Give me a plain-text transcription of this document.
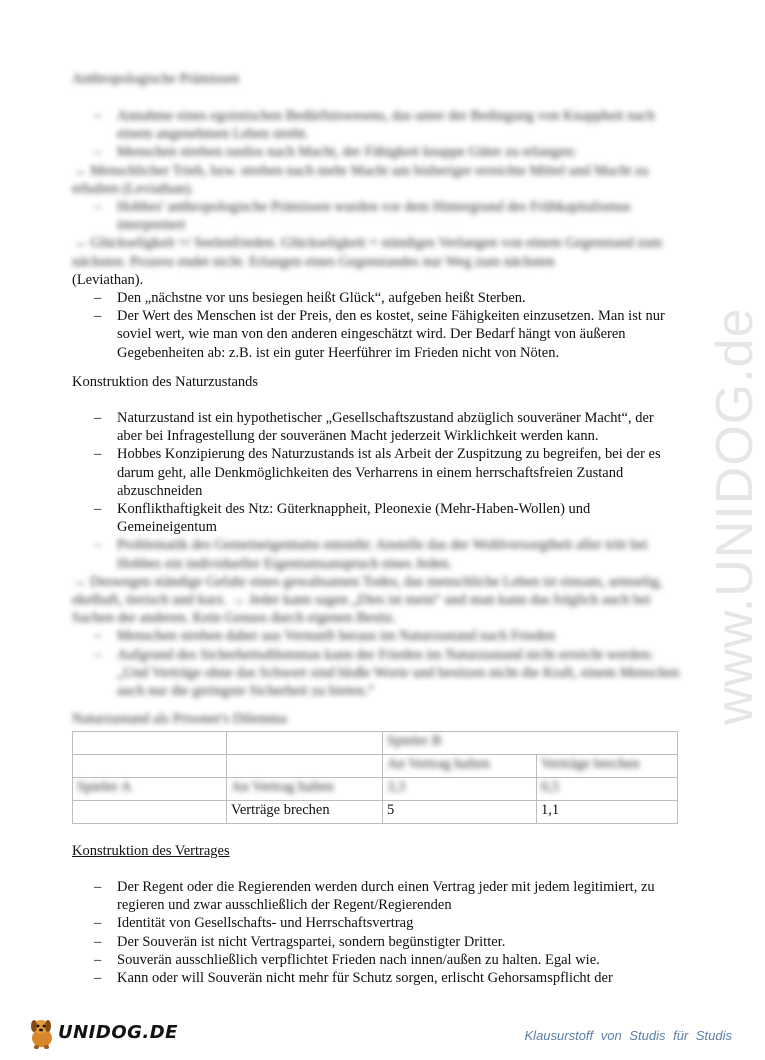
Anthropologische Prämissen
– Annahme eines egoistischen Bedürfniswesens, das unter der Bedingung von Knappheit nach einem angenehmen Leben strebt.
– Menschen streben rastlos nach Macht, der Fähigkeit knappe Güter zu erlangen:

→ Menschlicher Trieb, bzw. streben nach mehr Macht um bisheriger erreichte Mittel und Macht zu erhalten (Leviathan).

– Hobbes' anthropologische Prämissen wurden vor dem Hintergrund des Frühkapitalismus interpretiert

→ Glückseligkeit =/ Seelenfrieden. Glückseligkeit = ständiges Verlangen von einem Gegenstand zum nächsten. Prozess endet nicht. Erlangen eines Gegenstandes nur Weg zum nächsten

(Leviathan).

– Den „nächstne vor uns besiegen heißt Glück“, aufgeben heißt Sterben.
– Der Wert des Menschen ist der Preis, den es kostet, seine Fähigkeiten einzusetzen. Man ist nur soviel wert, wie man von den anderen eingeschätzt wird. Der Bedarf hängt von äußeren Gegebenheiten ab: z.B. ist ein guter Heerführer im Frieden nicht von Nöten.
Konstruktion des Naturzustands
– Naturzustand ist ein hypothetischer „Gesellschaftszustand abzüglich souveräner Macht“, der aber bei Infragestellung der souveränen Macht jederzeit Wirklichkeit werden kann.
– Hobbes Konzipierung des Naturzustands ist als Arbeit der Zuspitzung zu begreifen, bei der es darum geht, alle Denkmöglichkeiten des Verharrens in einem herrschaftsfreien Zustand abzuschneiden
– Konflikthaftigkeit des Ntz: Güterknappheit, Pleonexie (Mehr-Haben-Wollen) und Gemeineigentum
– Problematik des Gemeineigentums entsteht: Anstelle das der Wohlversorgtheit aller tritt bei Hobbes ein individueller Eigentumsanspruch eines Jeden.

→ Deswegen ständige Gefahr eines gewaltsamen Todes, das menschliche Leben ist einsam, armselig, ekelhaft, tierisch und kurz. → Jeder kann sagen „Dies ist mein“ und man kann das folglich auch bei Sachen der anderen. Kein Genuss durch eigenen Besitz.

– Menschen streben daher aus Vernunft heraus im Naturzustand nach Frieden
– Aufgrund des Sicherheitsdilemmas kann der Frieden im Naturzustand nicht erreicht werden: „Und Verträge ohne das Schwert sind bloße Worte und besitzen nicht die Kraft, einem Menschen auch nur die geringste Sicherheit zu bieten.“
Naturzustand als Prisoner's Dilemma
		Spieler B	
		An Vertrag halten	Verträge brechen
Spieler A	An Vertrag halten	3,3	0,5
	Verträge brechen	5	1,1
Konstruktion des Vertrages
– Der Regent oder die Regierenden werden durch einen Vertrag jeder mit jedem legitimiert, zu regieren und zwar ausschließlich der Regent/Regierenden
– Identität von Gesellschafts- und Herrschaftsvertrag
– Der Souverän ist nicht Vertragspartei, sondern begünstigter Dritter.
– Souverän ausschließlich verpflichtet Frieden nach innen/außen zu halten. Egal wie.
– Kann oder will Souverän nicht mehr für Schutz sorgen, erlischt Gehorsamspflicht der
www.UNIDOG.de
UNIDOG.DE	Klausurstoff von Studis für Studis
